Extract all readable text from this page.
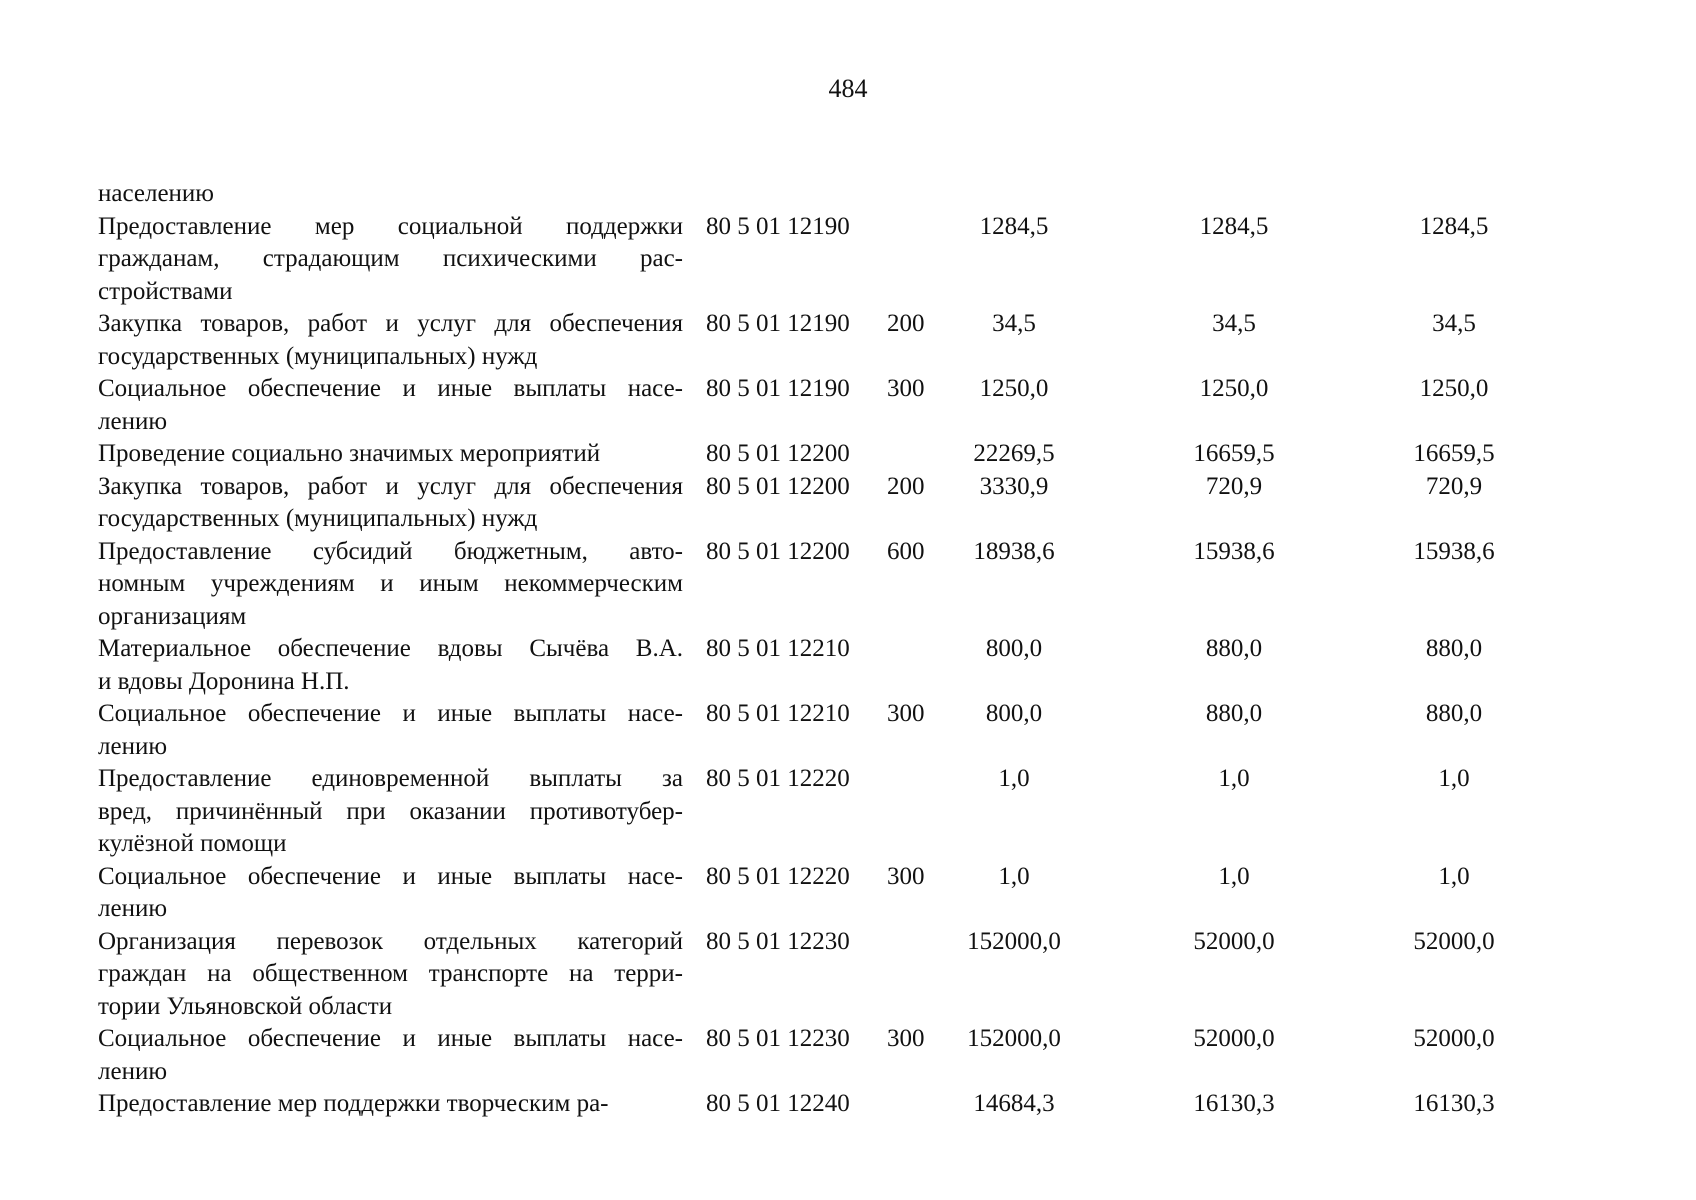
484
населению
Предоставление мер социальной поддержки
гражданам, страдающим психическими рас-
стройствами
80 5 01 12190	1284,5	1284,5	1284,5
Закупка товаров, работ и услуг для обеспечения
государственных (муниципальных) нужд
80 5 01 12190 200	34,5	34,5	34,5
Социальное обеспечение и иные выплаты насе-
лению
80 5 01 12190 300	1250,0	1250,0	1250,0
Проведение социально значимых мероприятий	80 5 01 12200	22269,5	16659,5	16659,5
Закупка товаров, работ и услуг для обеспечения
государственных (муниципальных) нужд
80 5 01 12200 200	3330,9	720,9	720,9
Предоставление субсидий бюджетным, авто-
номным учреждениям и иным некоммерческим
организациям
80 5 01 12200 600	18938,6	15938,6	15938,6
Материальное обеспечение вдовы Сычёва В.А.
и вдовы Доронина Н.П.
80 5 01 12210	800,0	880,0	880,0
Социальное обеспечение и иные выплаты насе-
лению
80 5 01 12210 300	800,0	880,0	880,0
Предоставление единовременной выплаты за
вред, причинённый при оказании противотубер-
кулёзной помощи
80 5 01 12220	1,0	1,0	1,0
Социальное обеспечение и иные выплаты насе-
лению
80 5 01 12220 300	1,0	1,0	1,0
Организация перевозок отдельных категорий
граждан на общественном транспорте на терри-
тории Ульяновской области
80 5 01 12230	152000,0	52000,0	52000,0
Социальное обеспечение и иные выплаты насе-
лению
80 5 01 12230 300	152000,0	52000,0	52000,0
Предоставление мер поддержки творческим ра-	80 5 01 12240	14684,3	16130,3	16130,3
